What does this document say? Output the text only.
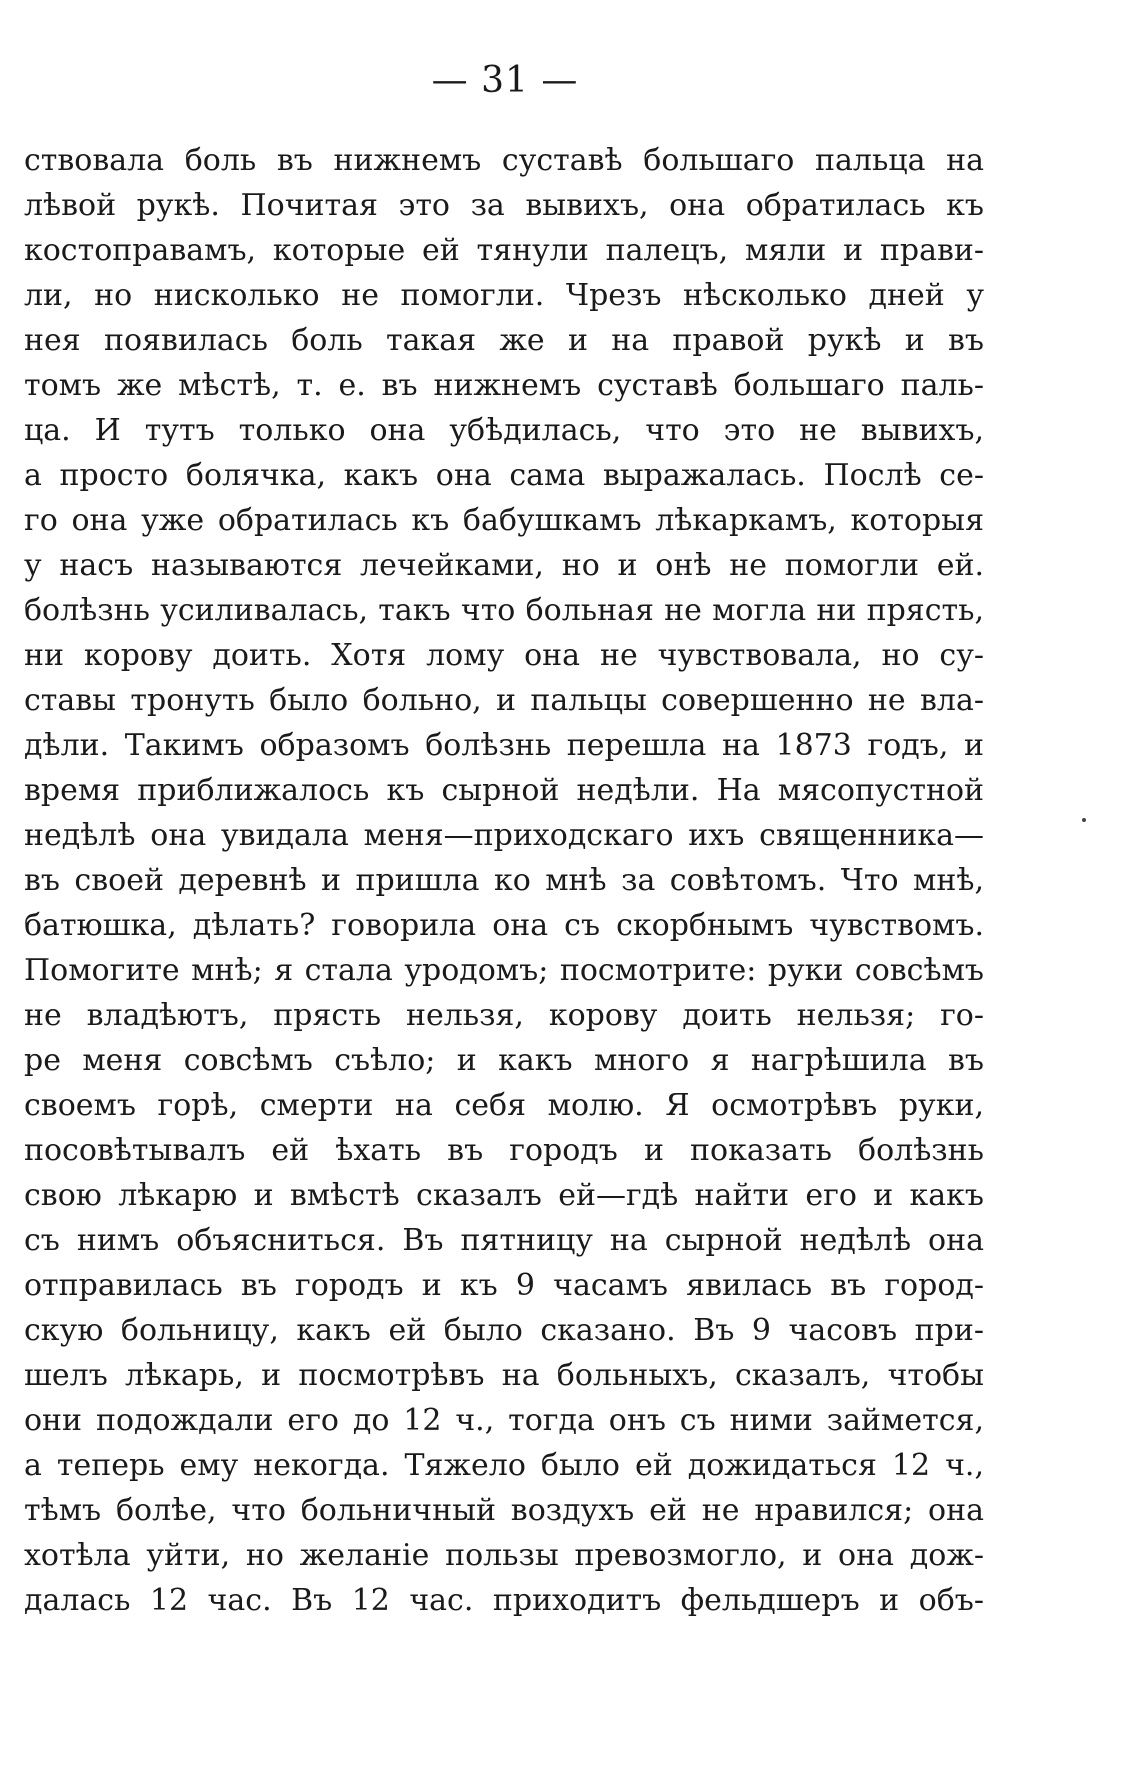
— 31 —
ствовала боль въ нижнемъ суставѣ большаго пальца на
лѣвой рукѣ. Почитая это за вывихъ, она обратилась къ
костоправамъ, которые ей тянули палецъ, мяли и прави-
ли, но нисколько не помогли. Чрезъ нѣсколько дней у
нея появилась боль такая же и на правой рукѣ и въ
томъ же мѣстѣ, т. е. въ нижнемъ суставѣ большаго паль-
ца. И тутъ только она убѣдилась, что это не вывихъ,
а просто болячка, какъ она сама выражалась. Послѣ се-
го она уже обратилась къ бабушкамъ лѣкаркамъ, которыя
у насъ называются лечейками, но и онѣ не помогли ей.
болѣзнь усиливалась, такъ что больная не могла ни прясть,
ни корову доить. Хотя лому она не чувствовала, но су-
ставы тронуть было больно, и пальцы совершенно не вла-
дѣли. Такимъ образомъ болѣзнь перешла на 1873 годъ, и
время приближалось къ сырной недѣли. На мясопустной
недѣлѣ она увидала меня—приходскаго ихъ священника—
въ своей деревнѣ и пришла ко мнѣ за совѣтомъ. Что мнѣ,
батюшка, дѣлать? говорила она съ скорбнымъ чувствомъ.
Помогите мнѣ; я стала уродомъ; посмотрите: руки совсѣмъ
не владѣютъ, прясть нельзя, корову доить нельзя; го-
ре меня совсѣмъ съѣло; и какъ много я нагрѣшила въ
своемъ горѣ, смерти на себя молю. Я осмотрѣвъ руки,
посовѣтывалъ ей ѣхать въ городъ и показать болѣзнь
свою лѣкарю и вмѣстѣ сказалъ ей—гдѣ найти его и какъ
съ нимъ объясниться. Въ пятницу на сырной недѣлѣ она
отправилась въ городъ и къ 9 часамъ явилась въ город-
скую больницу, какъ ей было сказано. Въ 9 часовъ при-
шелъ лѣкарь, и посмотрѣвъ на больныхъ, сказалъ, чтобы
они подождали его до 12 ч., тогда онъ съ ними займется,
а теперь ему некогда. Тяжело было ей дожидаться 12 ч.,
тѣмъ болѣе, что больничный воздухъ ей не нравился; она
хотѣла уйти, но желаніе пользы превозмогло, и она дож-
далась 12 час. Въ 12 час. приходитъ фельдшеръ и объ-
